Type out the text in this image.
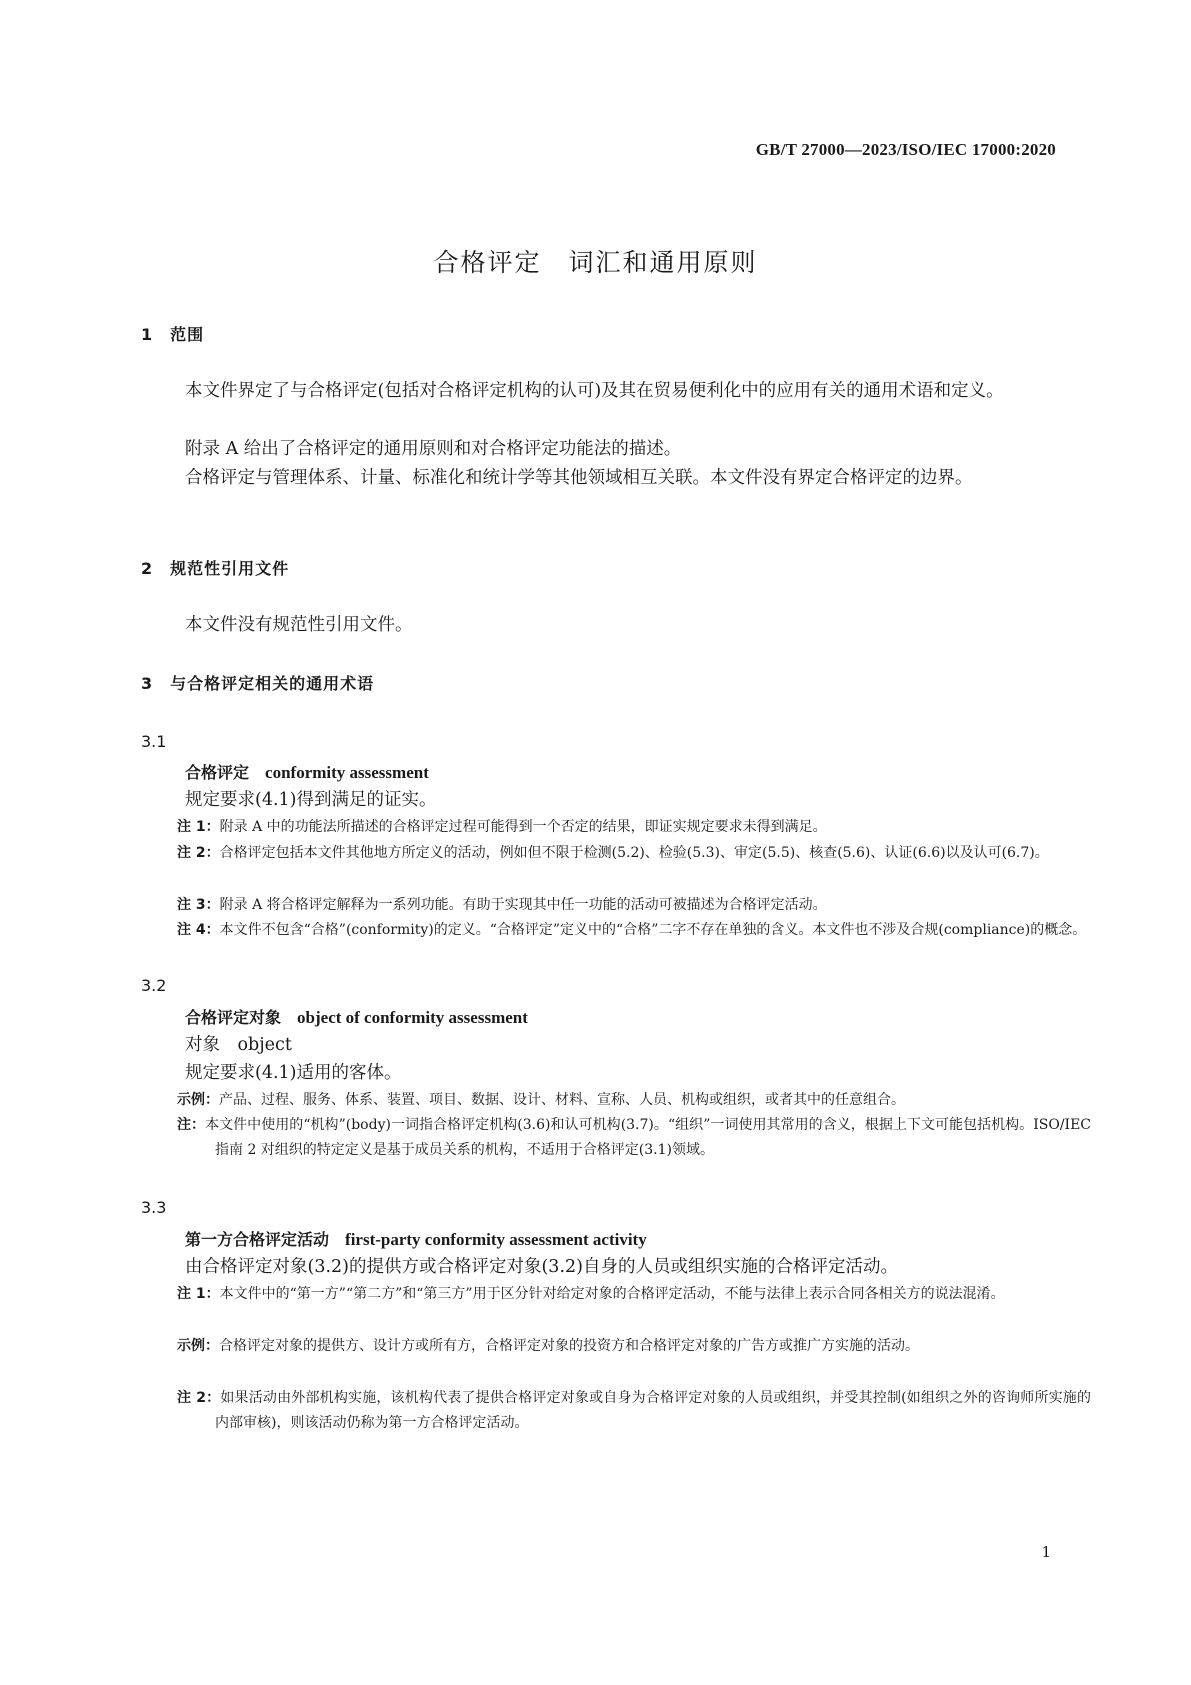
GB/T 27000—2023/ISO/IEC 17000:2020
合格评定　词汇和通用原则
1　范围
本文件界定了与合格评定(包括对合格评定机构的认可)及其在贸易便利化中的应用有关的通用术语和定义。
附录 A 给出了合格评定的通用原则和对合格评定功能法的描述。
合格评定与管理体系、计量、标准化和统计学等其他领域相互关联。本文件没有界定合格评定的边界。
2　规范性引用文件
本文件没有规范性引用文件。
3　与合格评定相关的通用术语
3.1
合格评定　 conformity assessment
规定要求(4.1)得到满足的证实。
注 1：附录 A 中的功能法所描述的合格评定过程可能得到一个否定的结果，即证实规定要求未得到满足。
注 2：合格评定包括本文件其他地方所定义的活动，例如但不限于检测(5.2)、检验(5.3)、审定(5.5)、核查(5.6)、认证(6.6)以及认可(6.7)。
注 3：附录 A 将合格评定解释为一系列功能。有助于实现其中任一功能的活动可被描述为合格评定活动。
注 4：本文件不包含“合格”(conformity)的定义。“合格评定”定义中的“合格”二字不存在单独的含义。本文件也不涉及合规(compliance)的概念。
3.2
合格评定对象　 object of conformity assessment
对象　object
规定要求(4.1)适用的客体。
示例：产品、过程、服务、体系、装置、项目、数据、设计、材料、宣称、人员、机构或组织，或者其中的任意组合。
注：本文件中使用的“机构”(body)一词指合格评定机构(3.6)和认可机构(3.7)。“组织”一词使用其常用的含义，根据上下文可能包括机构。ISO/IEC 指南 2 对组织的特定定义是基于成员关系的机构，不适用于合格评定(3.1)领域。
3.3
第一方合格评定活动　 first-party conformity assessment activity
由合格评定对象(3.2)的提供方或合格评定对象(3.2)自身的人员或组织实施的合格评定活动。
注 1：本文件中的“第一方”“第二方”和“第三方”用于区分针对给定对象的合格评定活动，不能与法律上表示合同各相关方的说法混淆。
示例：合格评定对象的提供方、设计方或所有方，合格评定对象的投资方和合格评定对象的广告方或推广方实施的活动。
注 2：如果活动由外部机构实施，该机构代表了提供合格评定对象或自身为合格评定对象的人员或组织，并受其控制(如组织之外的咨询师所实施的内部审核)，则该活动仍称为第一方合格评定活动。
1
